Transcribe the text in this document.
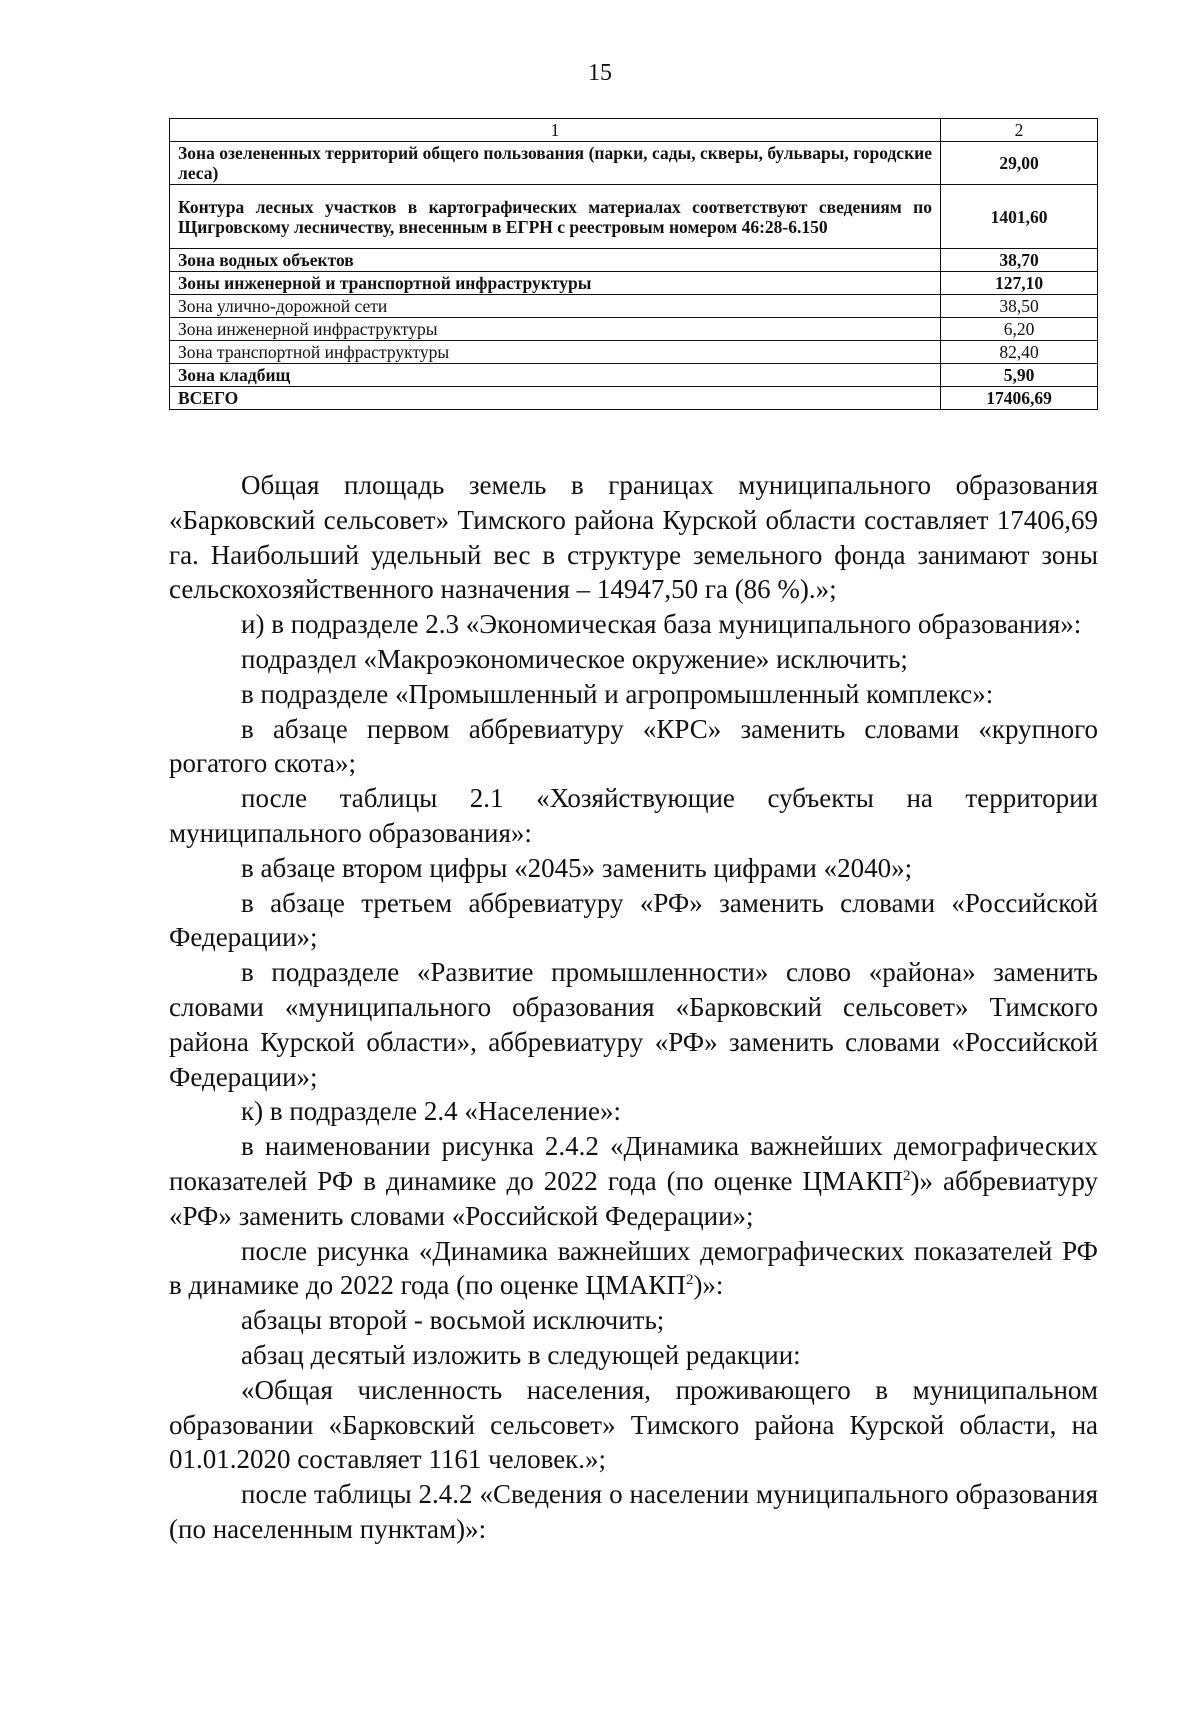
15
1	2
Зона озелененных территорий общего пользования (парки, сады, скверы, бульвары, городские леса)	29,00
Контура лесных участков в картографических материалах соответствуют сведениям по Щигровскому лесничеству, внесенным в ЕГРН с реестровым номером 46:28-6.150	1401,60
Зона водных объектов	38,70
Зоны инженерной и транспортной инфраструктуры	127,10
Зона улично-дорожной сети	38,50
Зона инженерной инфраструктуры	6,20
Зона транспортной инфраструктуры	82,40
Зона кладбищ	5,90
ВСЕГО	17406,69

Общая площадь земель в границах муниципального образования «Барковский сельсовет» Тимского района Курской области составляет 17406,69 га. Наибольший удельный вес в структуре земельного фонда занимают зоны сельскохозяйственного назначения – 14947,50 га (86 %).»;

и) в подразделе 2.3 «Экономическая база муниципального образования»:

подраздел «Макроэкономическое окружение» исключить;

в подразделе «Промышленный и агропромышленный комплекс»:

в абзаце первом аббревиатуру «КРС» заменить словами «крупного рогатого скота»;

после таблицы 2.1 «Хозяйствующие субъекты на территории муниципального образования»:

в абзаце втором цифры «2045» заменить цифрами «2040»;

в абзаце третьем аббревиатуру «РФ» заменить словами «Российской Федерации»;

в подразделе «Развитие промышленности» слово «района» заменить словами «муниципального образования «Барковский сельсовет» Тимского района Курской области», аббревиатуру «РФ» заменить словами «Российской Федерации»;

к) в подразделе 2.4 «Население»:

в наименовании рисунка 2.4.2 «Динамика важнейших демографических показателей РФ в динамике до 2022 года (по оценке ЦМАКП$^2$)» аббревиатуру «РФ» заменить словами «Российской Федерации»;

после рисунка «Динамика важнейших демографических показателей РФ в динамике до 2022 года (по оценке ЦМАКП$^2$)»:

абзацы второй - восьмой исключить;

абзац десятый изложить в следующей редакции:

«Общая численность населения, проживающего в муниципальном образовании «Барковский сельсовет» Тимского района Курской области, на 01.01.2020 составляет 1161 человек.»;

после таблицы 2.4.2 «Сведения о населении муниципального образования (по населенным пунктам)»:
